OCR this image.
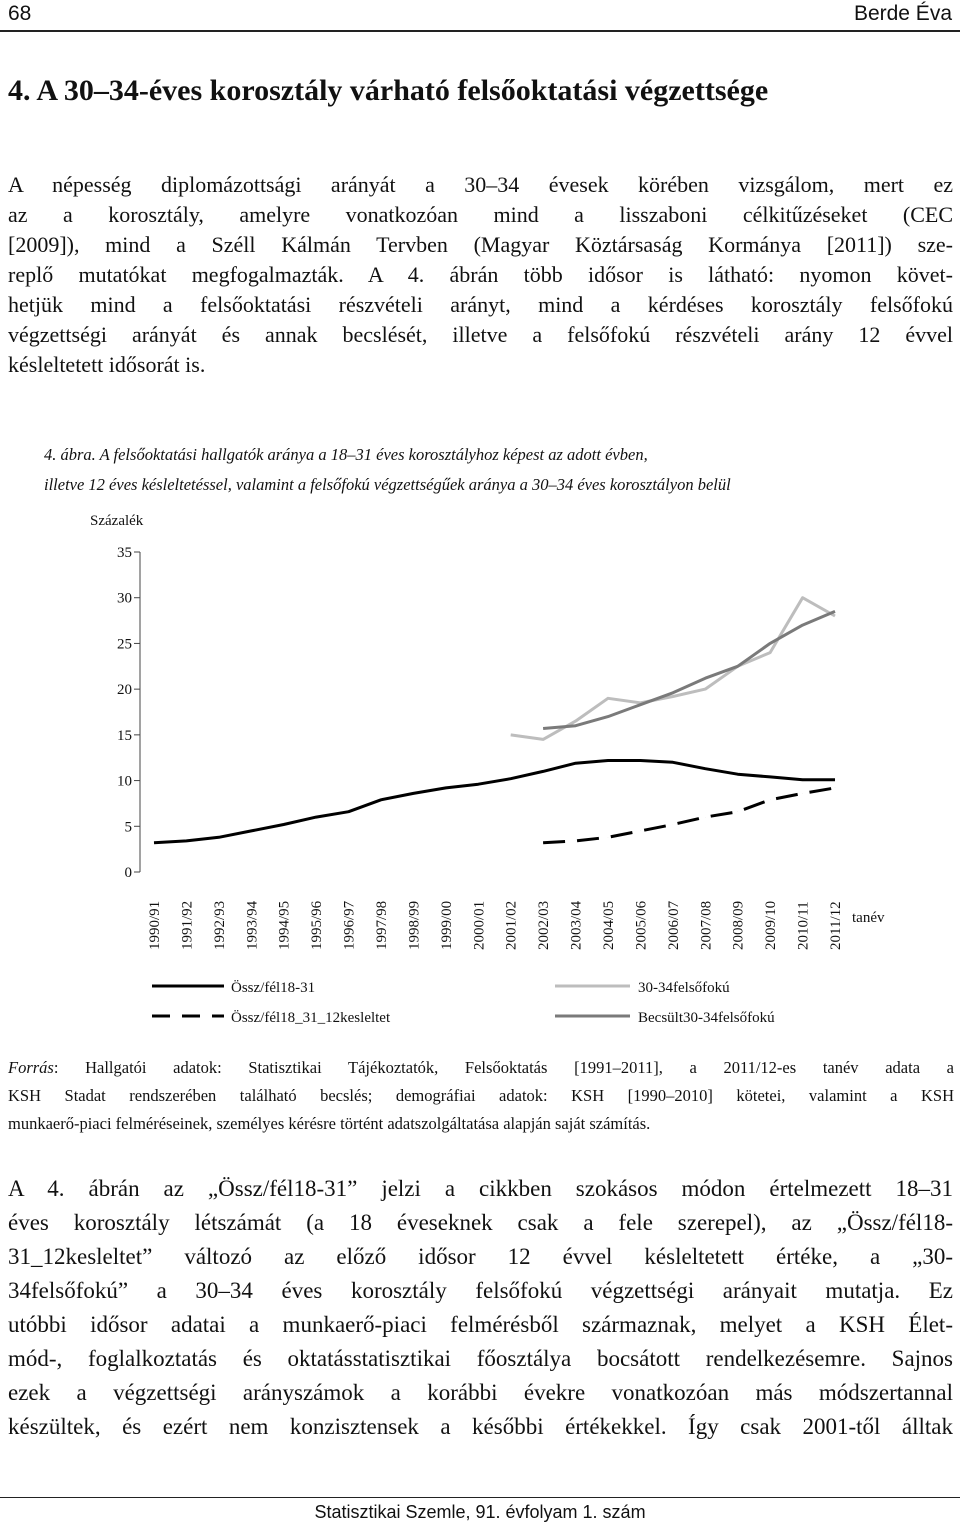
68	Berde Éva
4. A 30–34-éves korosztály várható felsőoktatási végzettsége
A népesség diplomázottsági arányát a 30–34 évesek körében vizsgálom, mert ez
az a korosztály, amelyre vonatkozóan mind a lisszaboni célkitűzéseket (CEC
[2009]), mind a Széll Kálmán Tervben (Magyar Köztársaság Kormánya [2011]) sze-
replő mutatókat megfogalmazták. A 4. ábrán több idősor is látható: nyomon követ-
hetjük mind a felsőoktatási részvételi arányt, mind a kérdéses korosztály felsőfokú
végzettségi arányát és annak becslését, illetve a felsőfokú részvételi arány 12 évvel
késleltetett idősorát is.
4. ábra. A felsőoktatási hallgatók aránya a 18–31 éves korosztályhoz képest az adott évben,
illetve 12 éves késleltetéssel, valamint a felsőfokú végzettségűek aránya a 30–34 éves korosztályon belül
Százalék
35
30
25
20
15
10
5
0
1990/91 1991/92 1992/93 1993/94 1994/95 1995/96 1996/97 1997/98 1998/99 1999/00 2000/01 2001/02 2002/03 2003/04 2004/05 2005/06 2006/07 2007/08 2008/09 2009/10 2010/11 2011/12 tanév
Össz/fél18-31
Össz/fél18_31_12kesleltet
30-34felsőfokú
Becsült30-34felsőfokú
Forrás: Hallgatói adatok: Statisztikai Tájékoztatók, Felsőoktatás [1991–2011], a 2011/12-es tanév adata a
KSH Stadat rendszerében található becslés; demográfiai adatok: KSH [1990–2010] kötetei, valamint a KSH
munkaerő-piaci felméréseinek, személyes kérésre történt adatszolgáltatása alapján saját számítás.
A 4. ábrán az „Össz/fél18-31” jelzi a cikkben szokásos módon értelmezett 18–31
éves korosztály létszámát (a 18 éveseknek csak a fele szerepel), az „Össz/fél18-
31_12kesleltet” változó az előző idősor 12 évvel késleltetett értéke, a „30-
34felsőfokú” a 30–34 éves korosztály felsőfokú végzettségi arányait mutatja. Ez
utóbbi idősor adatai a munkaerő-piaci felmérésből származnak, melyet a KSH Élet-
mód-, foglalkoztatás és oktatásstatisztikai főosztálya bocsátott rendelkezésemre. Sajnos
ezek a végzettségi arányszámok a korábbi évekre vonatkozóan más módszertannal
készültek, és ezért nem konzisztensek a későbbi értékekkel. Így csak 2001-től álltak
Statisztikai Szemle, 91. évfolyam 1. szám
